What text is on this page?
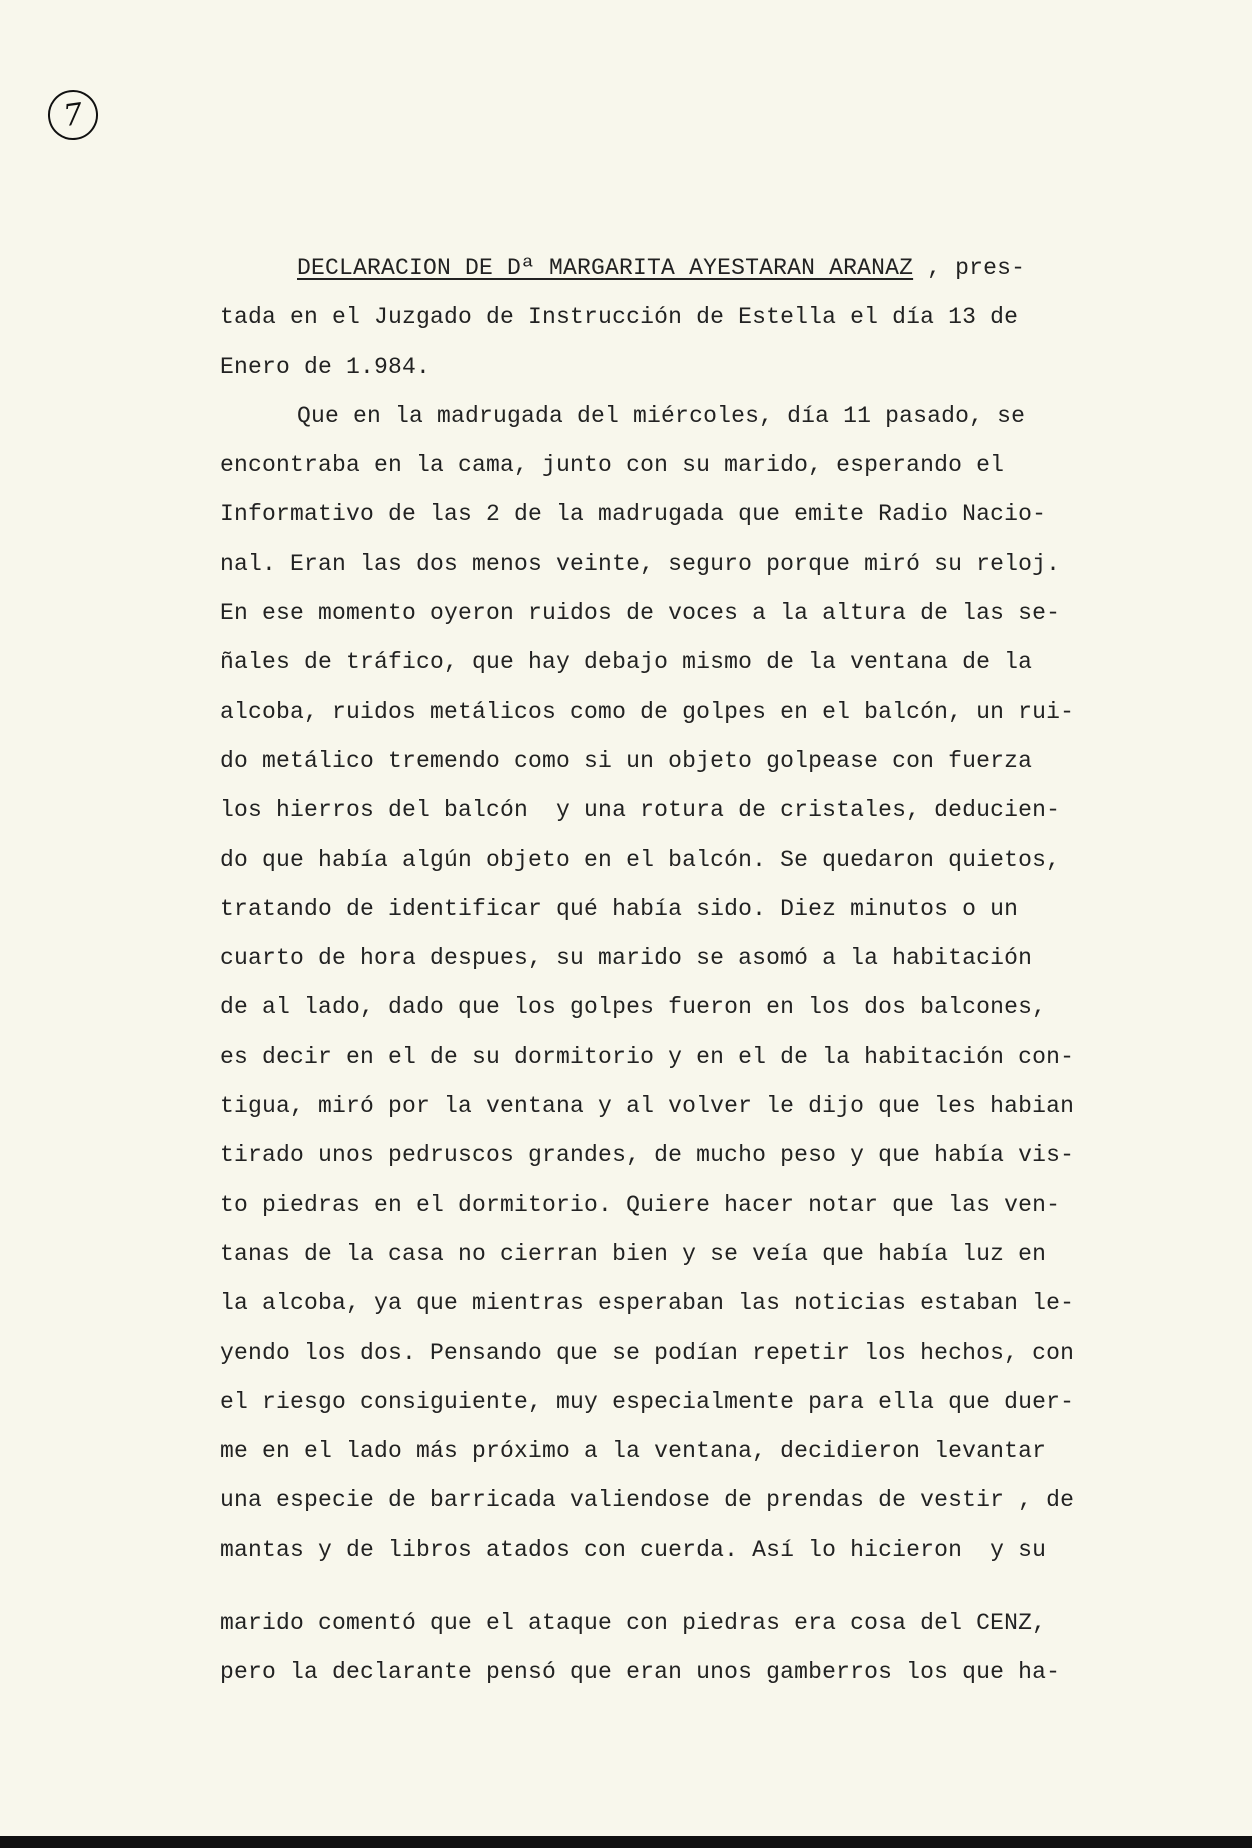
7
DECLARACION DE Dª MARGARITA AYESTARAN ARANAZ , pres-
tada en el Juzgado de Instrucción de Estella el día 13 de
Enero de 1.984.
Que en la madrugada del miércoles, día 11 pasado, se
encontraba en la cama, junto con su marido, esperando el
Informativo de las 2 de la madrugada que emite Radio Nacio-
nal. Eran las dos menos veinte, seguro porque miró su reloj.
En ese momento oyeron ruidos de voces a la altura de las se-
ñales de tráfico, que hay debajo mismo de la ventana de la
alcoba, ruidos metálicos como de golpes en el balcón, un rui-
do metálico tremendo como si un objeto golpease con fuerza
los hierros del balcón  y una rotura de cristales, deducien-
do que había algún objeto en el balcón. Se quedaron quietos,
tratando de identificar qué había sido. Diez minutos o un
cuarto de hora despues, su marido se asomó a la habitación
de al lado, dado que los golpes fueron en los dos balcones,
es decir en el de su dormitorio y en el de la habitación con-
tigua, miró por la ventana y al volver le dijo que les habian
tirado unos pedruscos grandes, de mucho peso y que había vis-
to piedras en el dormitorio. Quiere hacer notar que las ven-
tanas de la casa no cierran bien y se veía que había luz en
la alcoba, ya que mientras esperaban las noticias estaban le-
yendo los dos. Pensando que se podían repetir los hechos, con
el riesgo consiguiente, muy especialmente para ella que duer-
me en el lado más próximo a la ventana, decidieron levantar
una especie de barricada valiendose de prendas de vestir , de
mantas y de libros atados con cuerda. Así lo hicieron  y su
marido comentó que el ataque con piedras era cosa del CENZ,
pero la declarante pensó que eran unos gamberros los que ha-
